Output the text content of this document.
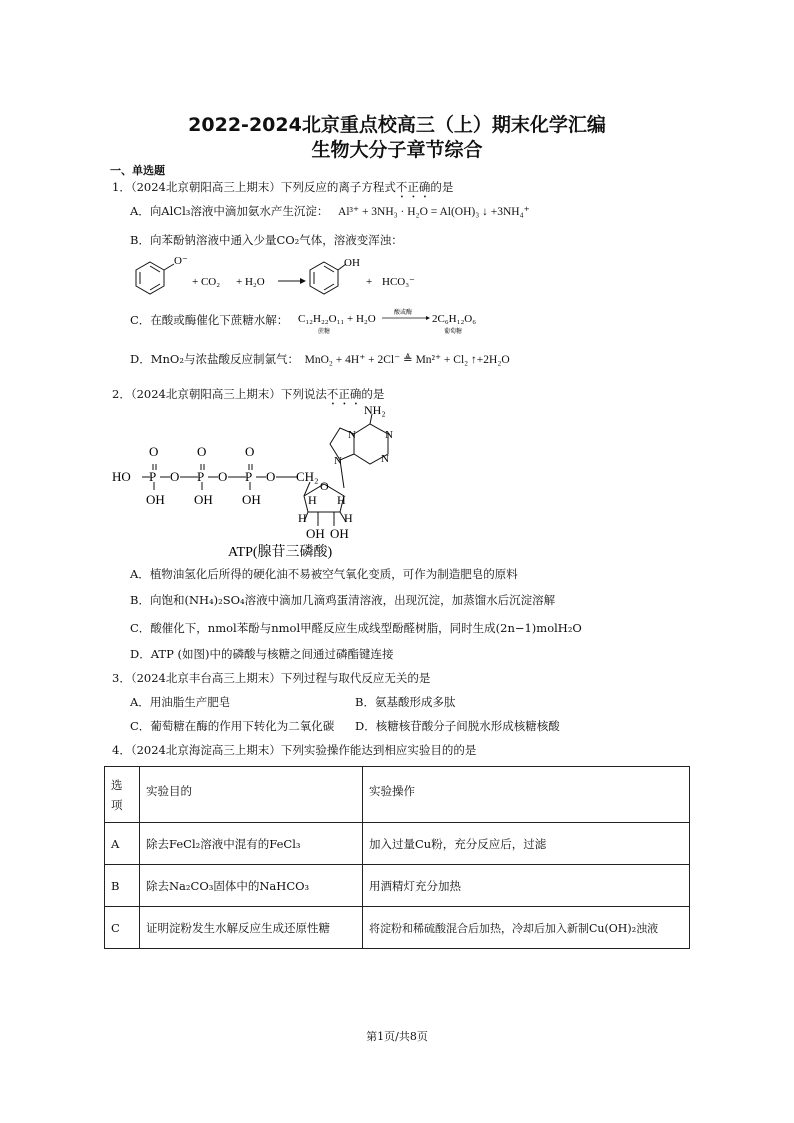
2022-2024北京重点校高三（上）期末化学汇编
生物大分子章节综合
一、单选题
1．（2024北京朝阳高三上期末）下列反应的离子方程式不正确的是
A．向AlCl₃溶液中滴加氨水产生沉淀： Al³⁺ + 3NH₃ · H₂O = Al(OH)₃ ↓ +3NH₄⁺
B．向苯酚钠溶液中通入少量CO₂气体，溶液变浑浊：
O⁻
+ CO₂ + H₂O
OH
+ HCO₃⁻
C．在酸或酶催化下蔗糖水解： C₁₂H₂₂O₁₁ + H₂O
蔗糖
酸或酶 2C₆H₁₂O₆
葡萄糖
D．MnO₂与浓盐酸反应制氯气： MnO₂ + 4H⁺ + 2Cl⁻ ≜ Mn²⁺ + Cl₂ ↑+2H₂O
2．（2024北京朝阳高三上期末）下列说法不正确的是
NH₂
N	N
N
N
HO P O P O P O CH₂
OH OH OH
O	O	O
H H
H	H
OH OH
O
ATP(腺苷三磷酸)
A．植物油氢化后所得的硬化油不易被空气氧化变质，可作为制造肥皂的原料
B．向饱和(NH₄)₂SO₄溶液中滴加几滴鸡蛋清溶液，出现沉淀，加蒸馏水后沉淀溶解
C．酸催化下，nmol苯酚与nmol甲醛反应生成线型酚醛树脂，同时生成(2n−1)molH₂O
D．ATP (如图)中的磷酸与核糖之间通过磷酯键连接
3．（2024北京丰台高三上期末）下列过程与取代反应无关的是
A．用油脂生产肥皂	B．氨基酸形成多肽
C．葡萄糖在酶的作用下转化为二氧化碳 D．核糖核苷酸分子间脱水形成核糖核酸
4．（2024北京海淀高三上期末）下列实验操作能达到相应实验目的的是
选项	实验目的	实验操作
A	除去FeCl₂溶液中混有的FeCl₃	加入过量Cu粉，充分反应后，过滤
B	除去Na₂CO₃固体中的NaHCO₃	用酒精灯充分加热
C	证明淀粉发生水解反应生成还原性糖	将淀粉和稀硫酸混合后加热，冷却后加入新制Cu(OH)₂浊液
第1页/共8页
